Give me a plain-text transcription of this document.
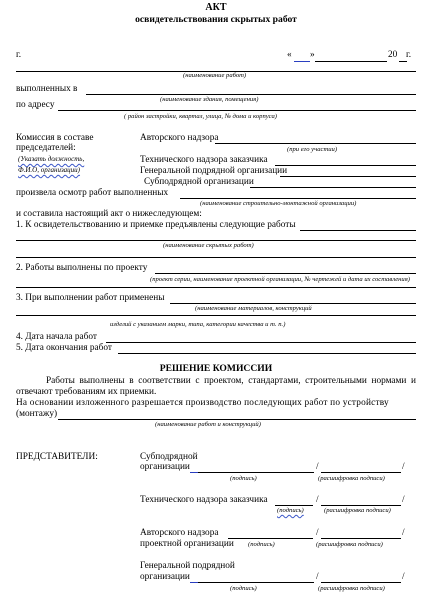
АКТ
освидетельствования скрытых работ
г.	« »	20 г.
(наименование работ)
выполненных в
(наименование здания, помещения)
по адресу
( район застройки, квартал, улица, № дома и корпуса)
Комиссия в составе
председателей:
(Указать должность,
Ф.И.О, организации)
Авторского надзора
(при его участии)
Технического надзора заказчика
Генеральной подрядной организации
Субподрядной организации
произвела осмотр работ выполненных
(наименование строительно-монтажной организации)
и составила настоящий акт о нижеследующем:
1. К освидетельствованию и приемке предъявлены следующие работы
(наименование скрытых работ)
2. Работы выполнены по проекту
(проект серии, наименование проектной организации, № чертежей и дата их составления)
3. При выполнении работ применены
(наименование материалов, конструкций
изделий с указанием марки, типа, категории качества и т. п.)
4. Дата начала работ
5. Дата окончания работ
РЕШЕНИЕ КОМИССИИ
Работы выполнены в соответствии с проектом, стандартами, строительными нормами и отвечают требованиям их приемки.
На основании изложенного разрешается производство последующих работ по устройству
(монтажу)
(наименование работ и конструкций)
ПРЕДСТАВИТЕЛИ:	Субподрядной
организации	/	/
(подпись)	(расшифровка подписи)
Технического надзора заказчика	/	/
(подпись)	(расшифровка подписи)
Авторского надзора	/	/
проектной организации (подпись)	(расшифровка подписи)
Генеральной подрядной
организации	/	/
(подпись)	(расшифровка подписи)
